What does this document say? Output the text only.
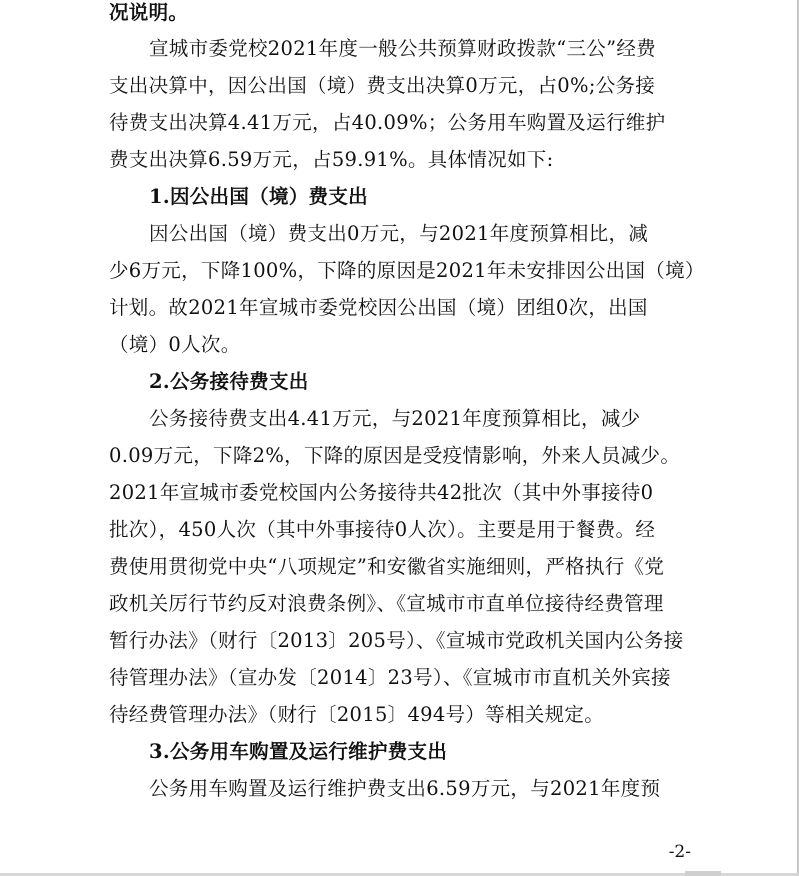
况说明。
宣城市委党校2021年度一般公共预算财政拨款“三公”经费
支出决算中，因公出国（境）费支出决算0万元，占0%;公务接
待费支出决算4.41万元，占40.09%；公务用车购置及运行维护
费支出决算6.59万元，占59.91%。具体情况如下:
1.因公出国（境）费支出
因公出国（境）费支出0万元，与2021年度预算相比，减
少6万元，下降100%，下降的原因是2021年未安排因公出国（境）
计划。故2021年宣城市委党校因公出国（境）团组0次，出国
（境）0人次。
2.公务接待费支出
公务接待费支出4.41万元，与2021年度预算相比，减少
0.09万元，下降2%，下降的原因是受疫情影响，外来人员减少。
2021年宣城市委党校国内公务接待共42批次（其中外事接待0
批次），450人次（其中外事接待0人次）。主要是用于餐费。经
费使用贯彻党中央“八项规定”和安徽省实施细则，严格执行《党
政机关厉行节约反对浪费条例》、《宣城市市直单位接待经费管理
暂行办法》（财行〔2013〕205号）、《宣城市党政机关国内公务接
待管理办法》（宣办发〔2014〕23号）、《宣城市市直机关外宾接
待经费管理办法》（财行〔2015〕494号）等相关规定。
3.公务用车购置及运行维护费支出
公务用车购置及运行维护费支出6.59万元，与2021年度预
-2-
